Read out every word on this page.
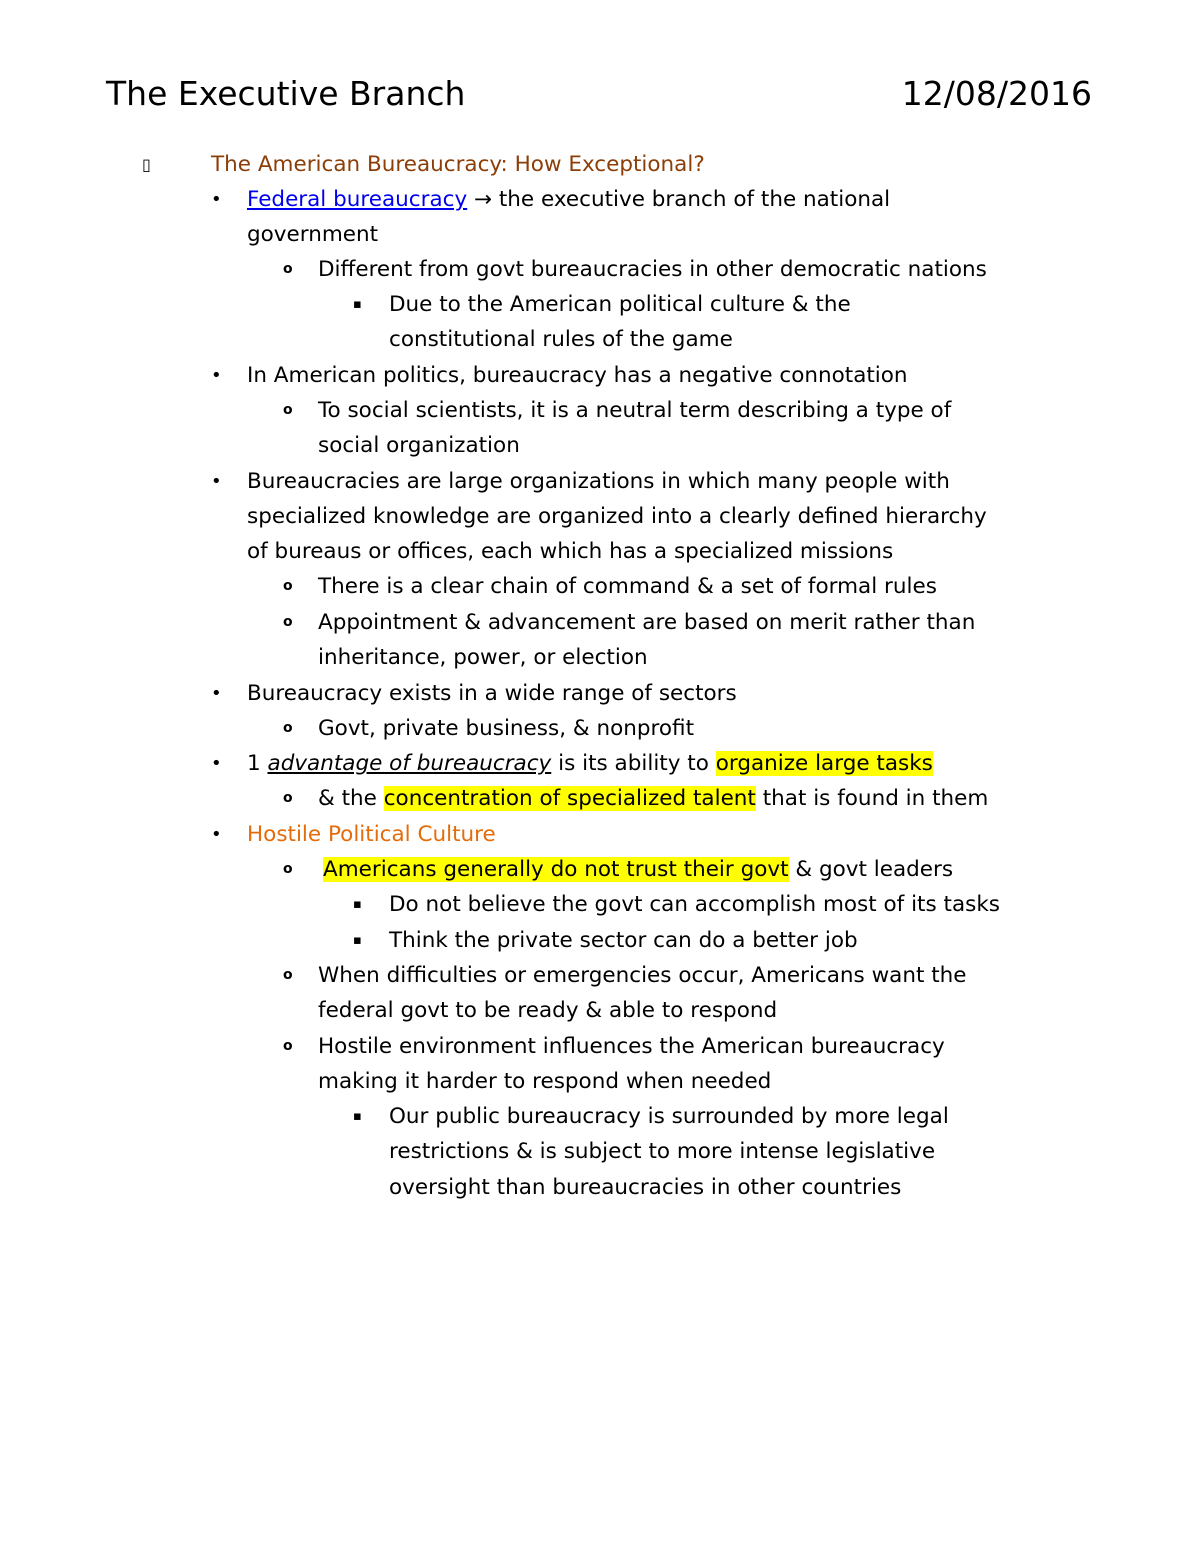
The Executive Branch	12/08/2016
▯	The American Bureaucracy: How Exceptional?
• Federal bureaucracy → the executive branch of the national
government
o Different from govt bureaucracies in other democratic nations
▪ Due to the American political culture & the
constitutional rules of the game
• In American politics, bureaucracy has a negative connotation
o To social scientists, it is a neutral term describing a type of
social organization
• Bureaucracies are large organizations in which many people with
specialized knowledge are organized into a clearly defined hierarchy
of bureaus or offices, each which has a specialized missions
o There is a clear chain of command & a set of formal rules
o Appointment & advancement are based on merit rather than
inheritance, power, or election
• Bureaucracy exists in a wide range of sectors
o Govt, private business, & nonprofit
• 1 advantage of bureaucracy is its ability to organize large tasks
o & the concentration of specialized talent that is found in them
• Hostile Political Culture
o Americans generally do not trust their govt & govt leaders
▪ Do not believe the govt can accomplish most of its tasks
▪ Think the private sector can do a better job
o When difficulties or emergencies occur, Americans want the
federal govt to be ready & able to respond
o Hostile environment influences the American bureaucracy
making it harder to respond when needed
▪ Our public bureaucracy is surrounded by more legal
restrictions & is subject to more intense legislative
oversight than bureaucracies in other countries
